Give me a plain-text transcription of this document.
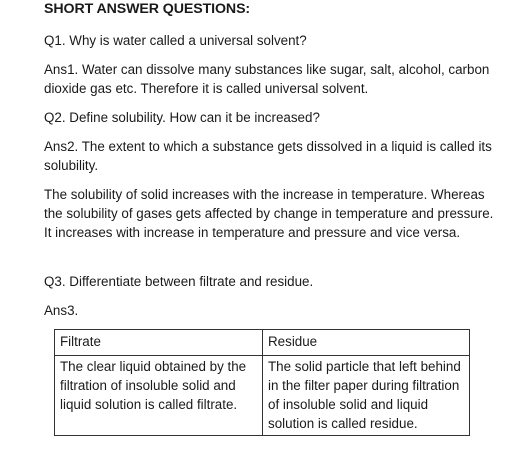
SHORT ANSWER QUESTIONS:

Q1. Why is water called a universal solvent?

Ans1. Water can dissolve many substances like sugar, salt, alcohol, carbon dioxide gas etc. Therefore it is called universal solvent.

Q2. Define solubility. How can it be increased?

Ans2. The extent to which a substance gets dissolved in a liquid is called its solubility.

The solubility of solid increases with the increase in temperature. Whereas the solubility of gases gets affected by change in temperature and pressure. It increases with increase in temperature and pressure and vice versa.

Q3. Differentiate between filtrate and residue.

Ans3.

Filtrate	Residue
The clear liquid obtained by the filtration of insoluble solid and liquid solution is called filtrate.	The solid particle that left behind in the filter paper during filtration of insoluble solid and liquid solution is called residue.
